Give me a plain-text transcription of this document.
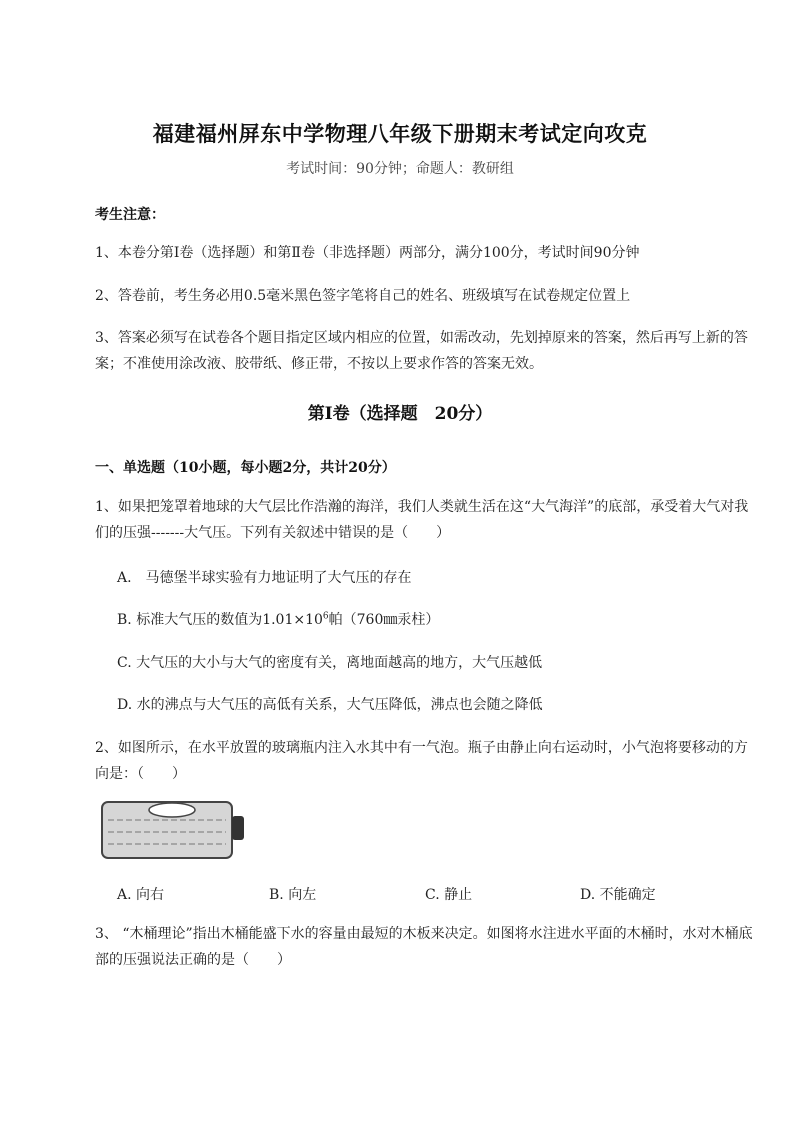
福建福州屏东中学物理八年级下册期末考试定向攻克
考试时间：90分钟；命题人：教研组
考生注意：
1、本卷分第I卷（选择题）和第Ⅱ卷（非选择题）两部分，满分100分，考试时间90分钟
2、答卷前，考生务必用0.5毫米黑色签字笔将自己的姓名、班级填写在试卷规定位置上
3、答案必须写在试卷各个题目指定区域内相应的位置，如需改动，先划掉原来的答案，然后再写上新的答案；不准使用涂改液、胶带纸、修正带，不按以上要求作答的答案无效。
第I卷（选择题　20分）
一、单选题（10小题，每小题2分，共计20分）
1、如果把笼罩着地球的大气层比作浩瀚的海洋，我们人类就生活在这“大气海洋”的底部，承受着大气对我们的压强-------大气压。下列有关叙述中错误的是（　　）
A.　马德堡半球实验有力地证明了大气压的存在
B. 标准大气压的数值为$1.01\times 10^6$帕（760㎜汞柱）
C. 大气压的大小与大气的密度有关，离地面越高的地方，大气压越低
D. 水的沸点与大气压的高低有关系，大气压降低，沸点也会随之降低
2、如图所示，在水平放置的玻璃瓶内注入水其中有一气泡。瓶子由静止向右运动时，小气泡将要移动的方向是：（　　）
A. 向右	B. 向左	C. 静止	D. 不能确定
3、 “木桶理论”指出木桶能盛下水的容量由最短的木板来决定。如图将水注进水平面的木桶时，水对木桶底部的压强说法正确的是（　　）
